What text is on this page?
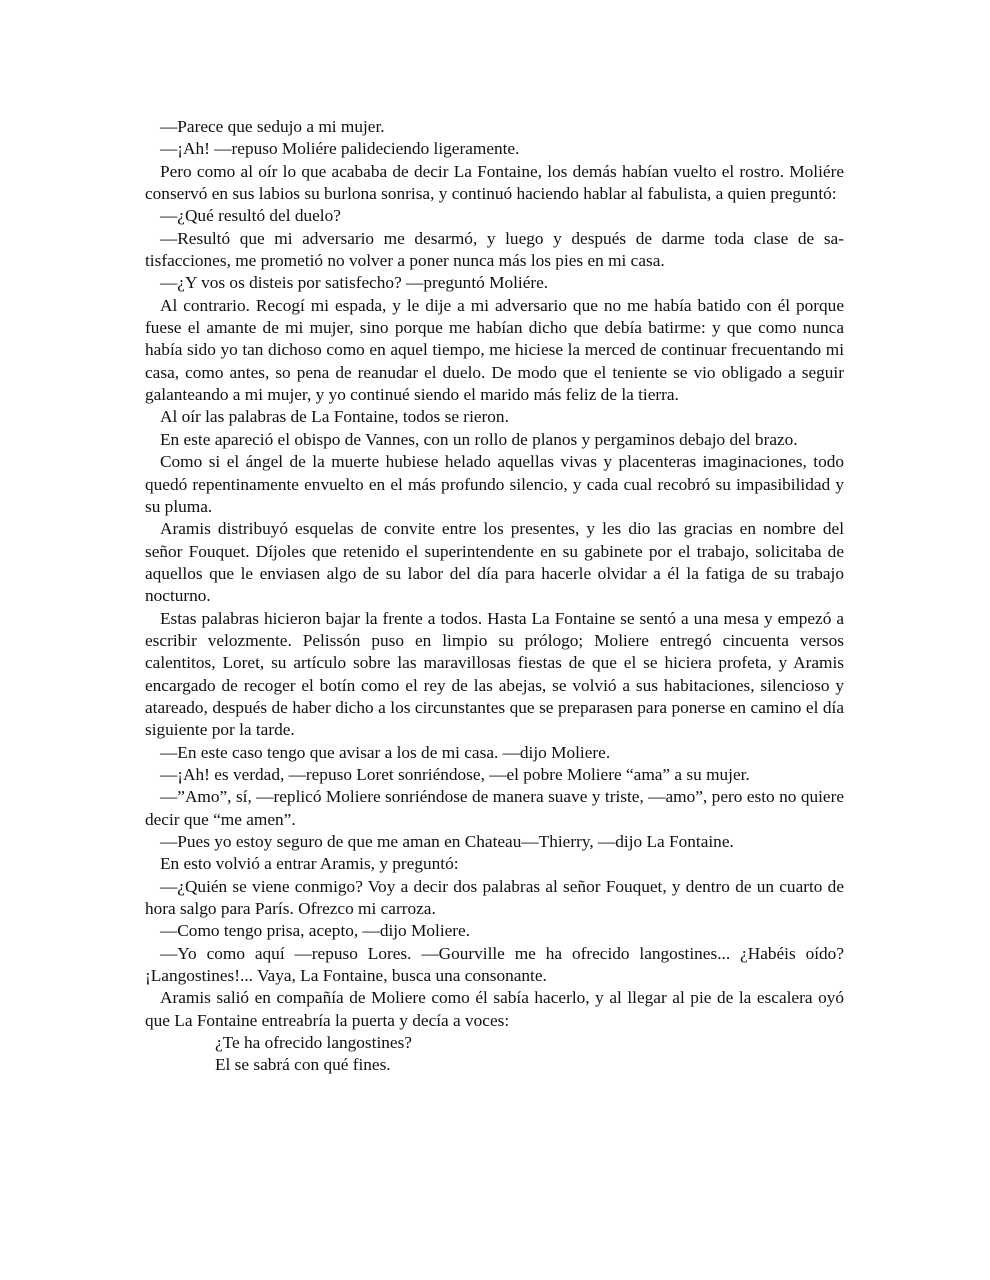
—Parece que sedujo a mi mujer.

—¡Ah! —repuso Moliére palideciendo ligeramente.

Pero como al oír lo que acababa de decir La Fontaine, los demás habían vuelto el rostro. Moliére conservó en sus labios su burlona sonrisa, y continuó haciendo hablar al fabulista, a quien preguntó:

—¿Qué resultó del duelo?

—Resultó que mi adversario me desarmó, y luego y después de darme toda clase de satisfacciones, me prometió no volver a poner nunca más los pies en mi casa.

—¿Y vos os disteis por satisfecho? —preguntó Moliére.

Al contrario. Recogí mi espada, y le dije a mi adversario que no me había batido con él porque fuese el amante de mi mujer, sino porque me habían dicho que debía batirme: y que como nunca había sido yo tan dichoso como en aquel tiempo, me hiciese la merced de continuar frecuentando mi casa, como antes, so pena de reanudar el duelo. De modo que el teniente se vio obligado a seguir galanteando a mi mujer, y yo continué siendo el marido más feliz de la tierra.

Al oír las palabras de La Fontaine, todos se rieron.

En este apareció el obispo de Vannes, con un rollo de planos y pergaminos debajo del brazo.

Como si el ángel de la muerte hubiese helado aquellas vivas y placenteras imaginaciones, todo quedó repentinamente envuelto en el más profundo silencio, y cada cual recobró su impasibilidad y su pluma.

Aramis distribuyó esquelas de convite entre los presentes, y les dio las gracias en nombre del señor Fouquet. Díjoles que retenido el superintendente en su gabinete por el trabajo, solicitaba de aquellos que le enviasen algo de su labor del día para hacerle olvidar a él la fatiga de su trabajo nocturno.

Estas palabras hicieron bajar la frente a todos. Hasta La Fontaine se sentó a una mesa y empezó a escribir velozmente. Pelissón puso en limpio su prólogo; Moliere entregó cincuenta versos calentitos, Loret, su artículo sobre las maravillosas fiestas de que el se hiciera profeta, y Aramis encargado de recoger el botín como el rey de las abejas, se volvió a sus habitaciones, silencioso y atareado, después de haber dicho a los circunstantes que se preparasen para ponerse en camino el día siguiente por la tarde.

—En este caso tengo que avisar a los de mi casa. —dijo Moliere.

—¡Ah! es verdad, —repuso Loret sonriéndose, —el pobre Moliere “ama” a su mujer.

—”Amo”, sí, —replicó Moliere sonriéndose de manera suave y triste, —amo”, pero esto no quiere decir que “me amen”.

—Pues yo estoy seguro de que me aman en Chateau—Thierry, —dijo La Fontaine.

En esto volvió a entrar Aramis, y preguntó:

—¿Quién se viene conmigo? Voy a decir dos palabras al señor Fouquet, y dentro de un cuarto de hora salgo para París. Ofrezco mi carroza.

—Como tengo prisa, acepto, —dijo Moliere.

—Yo como aquí —repuso Lores. —Gourville me ha ofrecido langostines... ¿Habéis oído? ¡Langostines!... Vaya, La Fontaine, busca una consonante.

Aramis salió en compañía de Moliere como él sabía hacerlo, y al llegar al pie de la escalera oyó que La Fontaine entreabría la puerta y decía a voces:

¿Te ha ofrecido langostines?

El se sabrá con qué fines.
